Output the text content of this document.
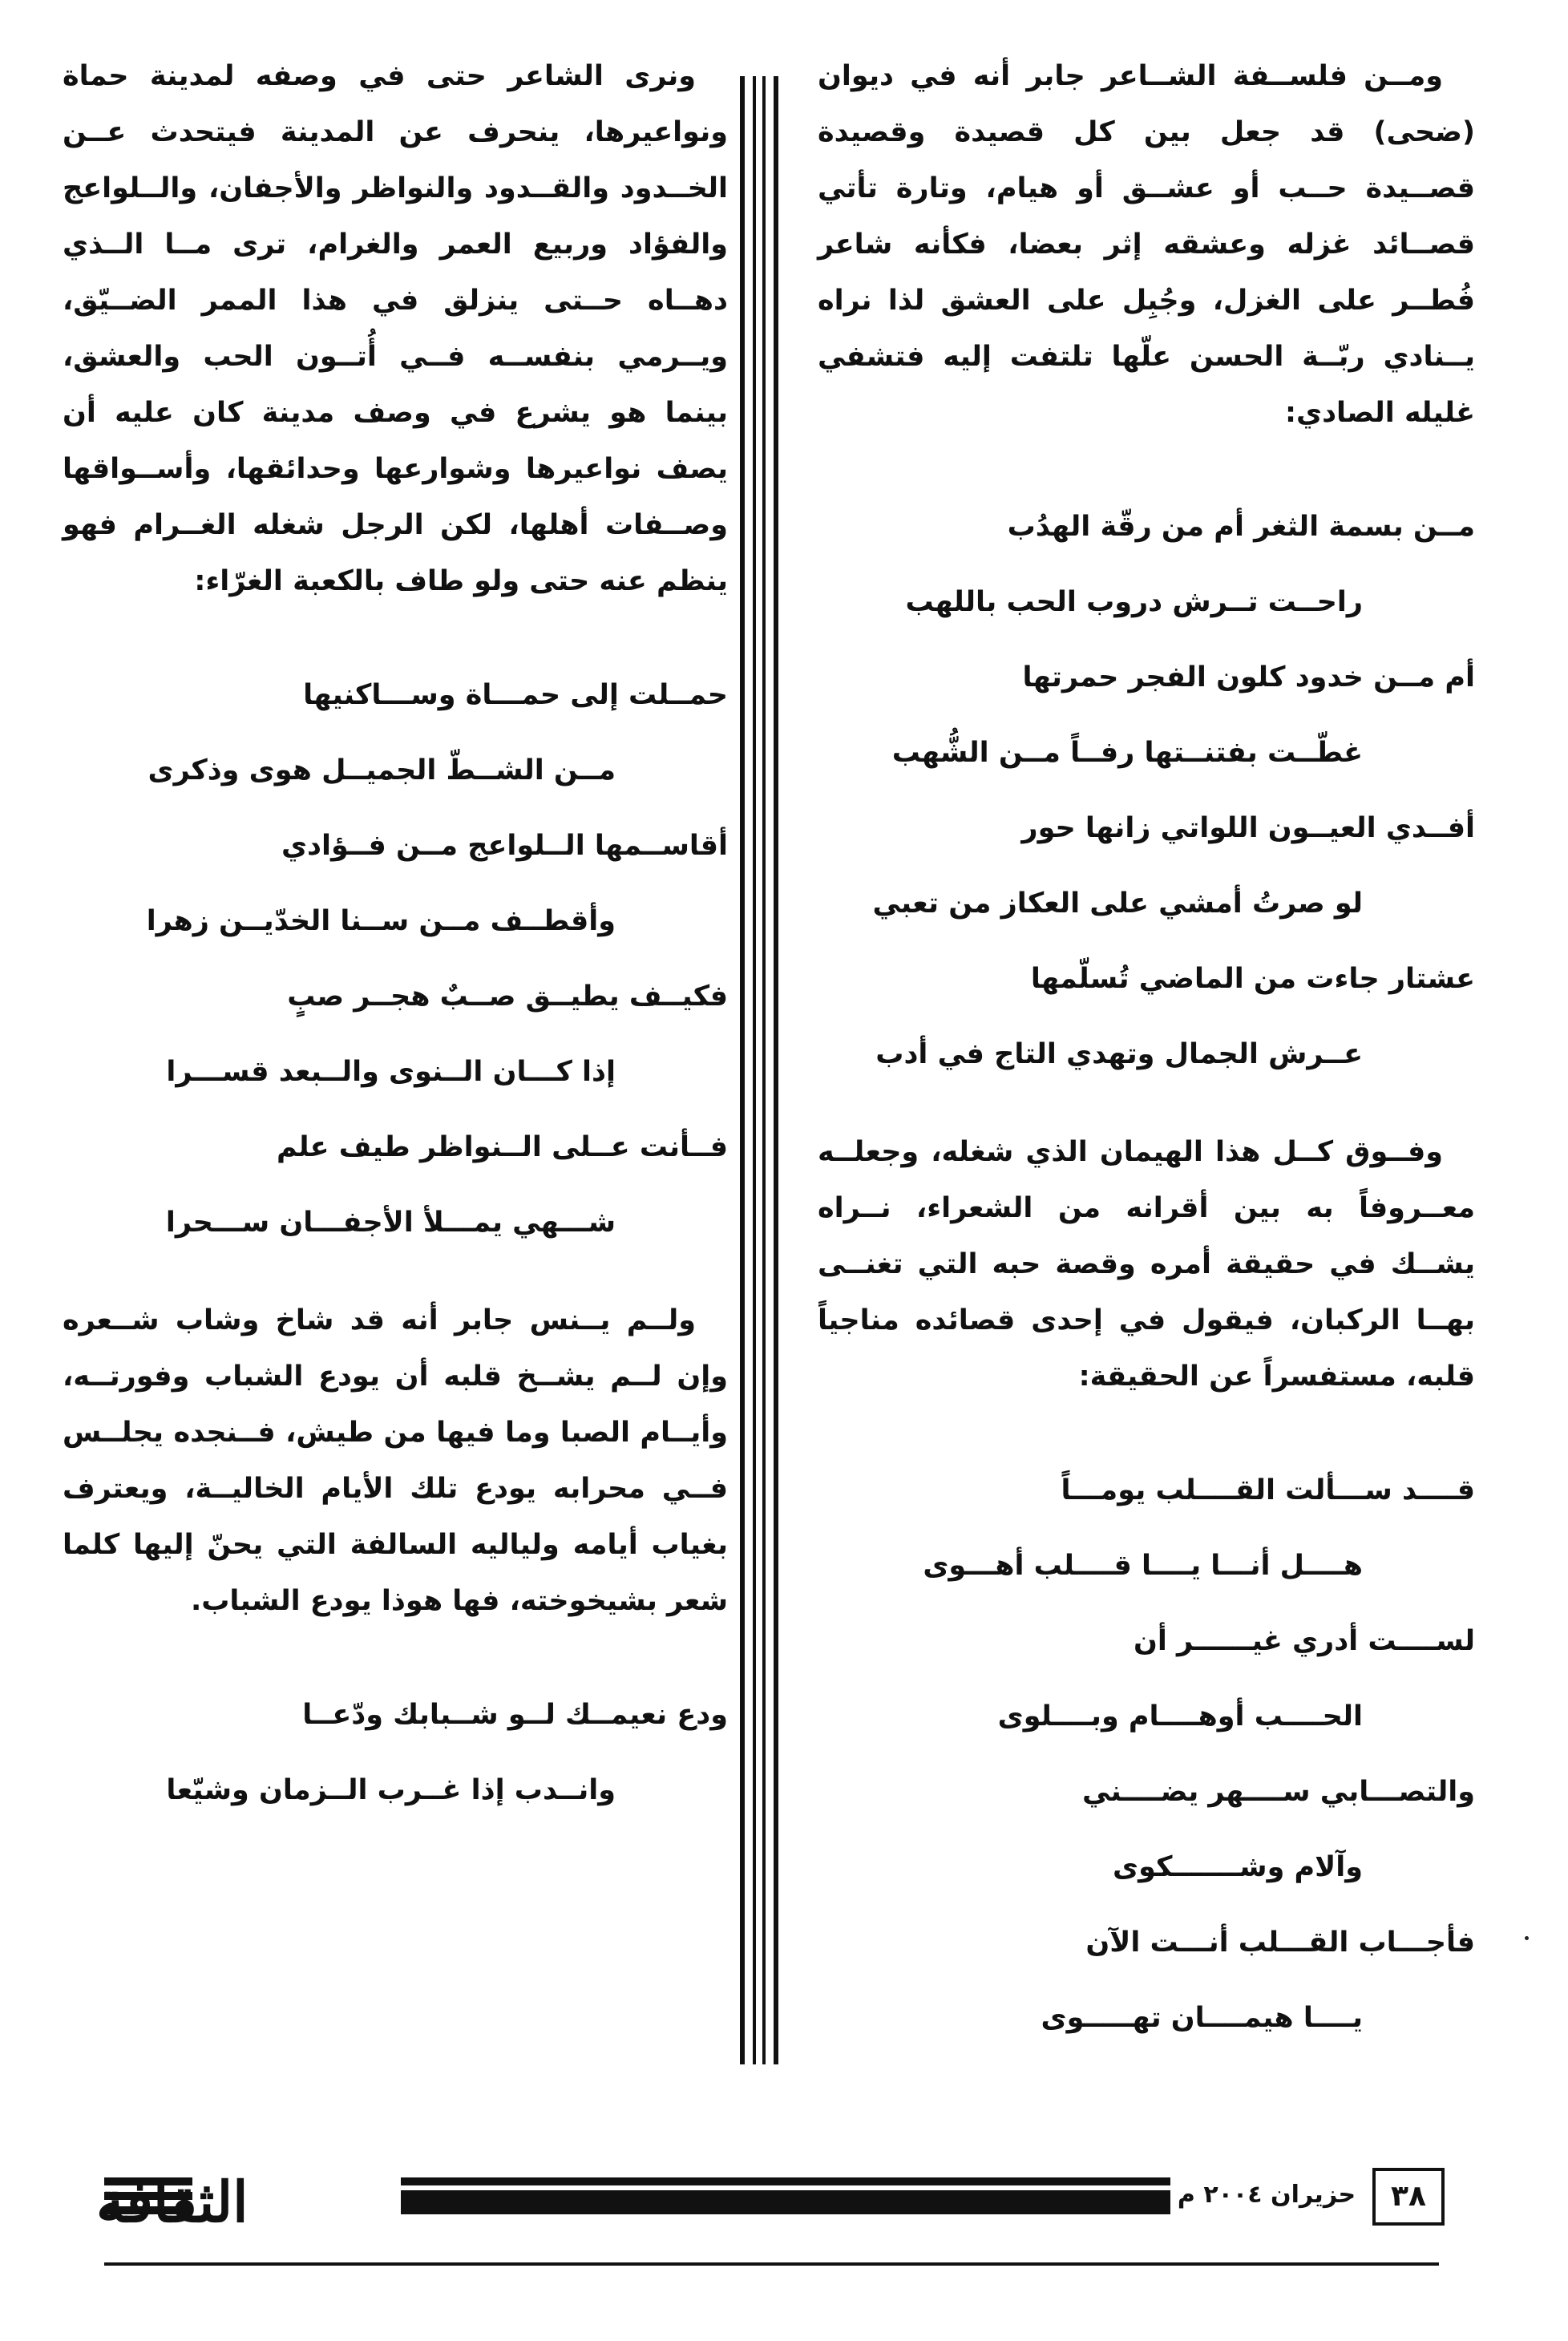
ومــن فلســفة الشــاعر جابر أنه في ديوان (ضحى) قد جعل بين كل قصيدة وقصيدة قصــيدة حــب أو عشــق أو هيام، وتارة تأتي قصــائد غزله وعشقه إثر بعضا، فكأنه شاعر فُطــر على الغزل، وجُبِل على العشق لذا نراه يــنادي ربّــة الحسن علّها تلتفت إليه فتشفي غليله الصادي:

مــن بسمة الثغر أم من رقّة الهدُب
راحــت تــرش دروب الحب باللهب
أم مــن خدود كلون الفجر حمرتها
غطّــت بفتنــتها رفــاً مــن الشُّهب
أفــدي العيــون اللواتي زانها حور
لو صرتُ أمشي على العكاز من تعبي
عشتار جاءت من الماضي تُسلّمها
عــرش الجمال وتهدي التاج في أدب

وفــوق كــل هذا الهيمان الذي شغله، وجعلــه معــروفاً به بين أقرانه من الشعراء، نــراه يشــك في حقيقة أمره وقصة حبه التي تغنــى بهــا الركبان، فيقول في إحدى قصائده مناجياً قلبه، مستفسراً عن الحقيقة:

قــــد ســـألت القــــلب يومـــاً
هــــل أنـــا يــــا قــــلب أهـــوى
لســــت أدري غيــــــر أن
الحــــب أوهــــام وبــــلوى
والتصـــابي ســــهر يضــــني
وآلام وشـــــــكوى
فأجـــاب القـــلب أنـــت الآن
يــــا هيمــــان تهـــــوى

ونرى الشاعر حتى في وصفه لمدينة حماة ونواعيرها، ينحرف عن المدينة فيتحدث عــن الخــدود والقــدود والنواظر والأجفان، والــلواعج والفؤاد وربيع العمر والغرام، ترى مــا الــذي دهــاه حــتى ينزلق في هذا الممر الضــيّق، ويــرمي بنفســه فــي أُتــون الحب والعشق، بينما هو يشرع في وصف مدينة كان عليه أن يصف نواعيرها وشوارعها وحدائقها، وأســواقها وصــفات أهلها، لكن الرجل شغله الغــرام فهو ينظم عنه حتى ولو طاف بالكعبة الغرّاء:

حمــلت إلى حمـــاة وســـاكنيها
مــن الشــطّ الجميــل هوى وذكرى
أقاســمها الــلواعج مــن فــؤادي
وأقطــف مــن ســنا الخدّيــن زهرا
فكيــف يطيــق صــبٌ هجــر صبٍ
إذا كـــان الــنوى والــبعد قســـرا
فــأنت عــلى الــنواظر طيف علم
شـــهي يمـــلأ الأجفـــان ســـحرا

ولــم يــنس جابر أنه قد شاخ وشاب شــعره وإن لــم يشــخ قلبه أن يودع الشباب وفورتــه، وأيــام الصبا وما فيها من طيش، فــنجده يجلــس فــي محرابه يودع تلك الأيام الخاليــة، ويعترف بغياب أيامه ولياليه السالفة التي يحنّ إليها كلما شعر بشيخوخته، فها هوذا يودع الشباب.

ودع نعيمــك لــو شــبابك ودّعــا
وانــدب إذا غــرب الــزمان وشيّعا
الثقافة	حزيران ٢٠٠٤ م	٣٨
